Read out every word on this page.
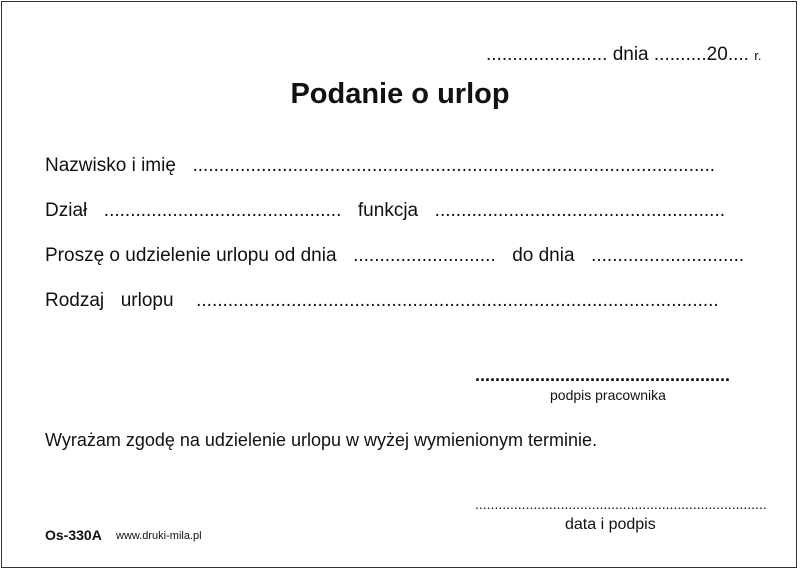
....................... dnia ..........20.... r.
Podanie o urlop
Nazwisko i imię ...................................................................................................
Dział ............................................. funkcja .......................................................
Proszę o udzielenie urlopu od dnia ........................... do dnia .............................
Rodzaj urlopu ...................................................................................................
...................................................
podpis pracownika
Wyrażam zgodę na udzielenie urlopu w wyżej wymienionym terminie.
...........................................................................
data i podpis
Os-330A www.druki-mila.pl
